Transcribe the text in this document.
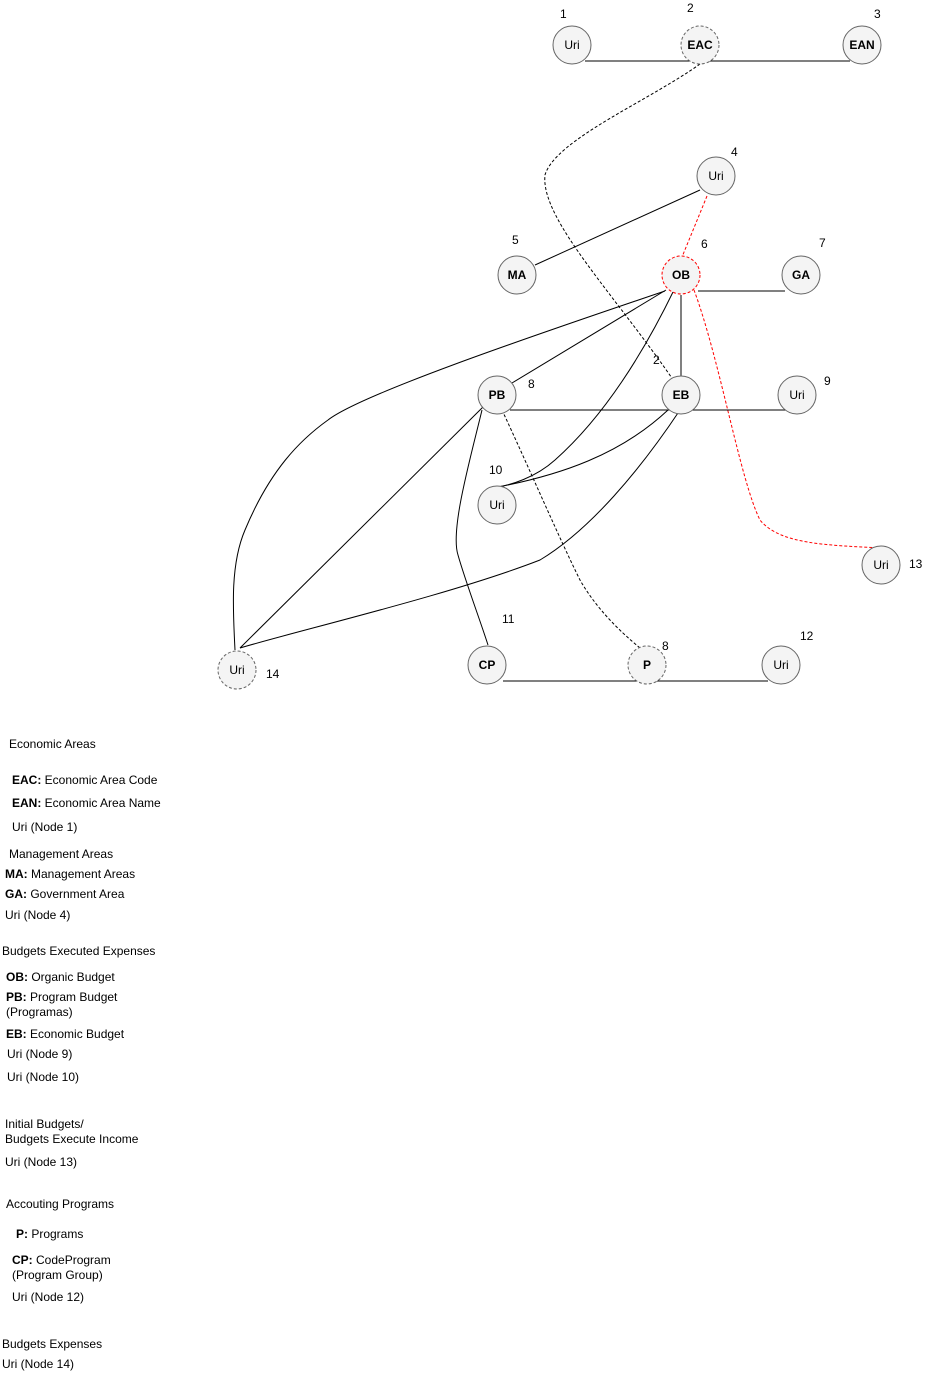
Uri
1
EAC
2
EAN
3
Uri
4
MA
5
OB
6
GA
7
PB
8
EB
2
Uri
9
Uri
10
Uri 13
CP
11
P
8
Uri
12
Uri 14
Economic Areas
EAC: Economic Area Code
EAN: Economic Area Name
Uri (Node 1)
Management Areas
MA: Management Areas
GA: Government Area
Uri (Node 4)
Budgets Executed Expenses
OB: Organic Budget
PB: Program Budget
(Programas)
EB: Economic Budget
Uri (Node 9)
Uri (Node 10)
Initial Budgets/
Budgets Execute Income
Uri (Node 13)
Accouting Programs
P: Programs
CP: CodeProgram
(Program Group)
Uri (Node 12)
Budgets Expenses
Uri (Node 14)
